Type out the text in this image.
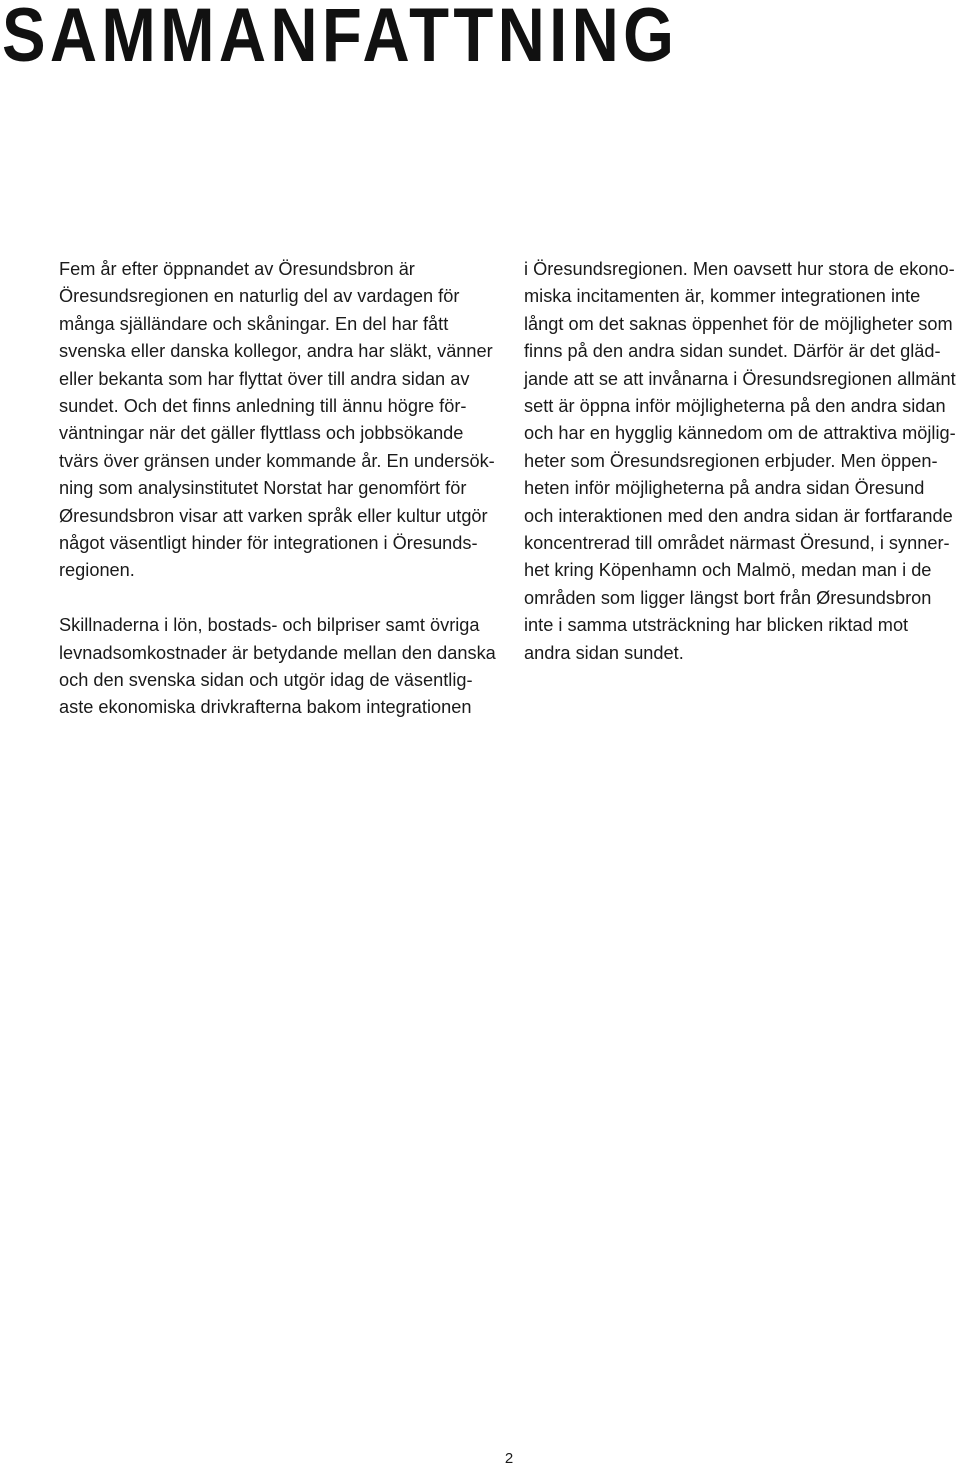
SAMMANFATTNING
Fem år efter öppnandet av Öresundsbron är
Öresundsregionen en naturlig del av vardagen för
många själländare och skåningar. En del har fått
svenska eller danska kollegor, andra har släkt, vänner
eller bekanta som har flyttat över till andra sidan av
sundet. Och det finns anledning till ännu högre för-
väntningar när det gäller flyttlass och jobbsökande
tvärs över gränsen under kommande år. En undersök-
ning som analysinstitutet Norstat har genomfört för
Øresundsbron visar att varken språk eller kultur utgör
något väsentligt hinder för integrationen i Öresunds-
regionen.
Skillnaderna i lön, bostads- och bilpriser samt övriga
levnadsomkostnader är betydande mellan den danska
och den svenska sidan och utgör idag de väsentlig-
aste ekonomiska drivkrafterna bakom integrationen
i Öresundsregionen. Men oavsett hur stora de ekono-
miska incitamenten är, kommer integrationen inte
långt om det saknas öppenhet för de möjligheter som
finns på den andra sidan sundet. Därför är det gläd-
jande att se att invånarna i Öresundsregionen allmänt
sett är öppna inför möjligheterna på den andra sidan
och har en hygglig kännedom om de attraktiva möjlig-
heter som Öresundsregionen erbjuder. Men öppen-
heten inför möjligheterna på andra sidan Öresund
och interaktionen med den andra sidan är fortfarande
koncentrerad till området närmast Öresund, i synner-
het kring Köpenhamn och Malmö, medan man i de
områden som ligger längst bort från Øresundsbron
inte i samma utsträckning har blicken riktad mot
andra sidan sundet.
2
